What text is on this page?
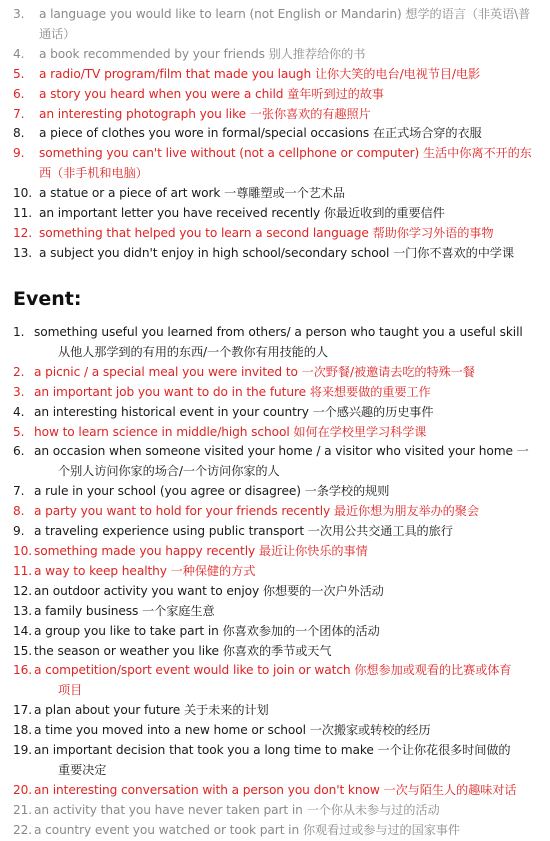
3.	a language you would like to learn (not English or Mandarin) 想学的语言（非英语\普通话）
4.	a book recommended by your friends 别人推荐给你的书
5.	a radio/TV program/film that made you laugh 让你大笑的电台/电视节目/电影
6.	a story you heard when you were a child 童年听到过的故事
7.	an interesting photograph you like 一张你喜欢的有趣照片
8.	a piece of clothes you wore in formal/special occasions 在正式场合穿的衣服
9.	something you can't live without (not a cellphone or computer) 生活中你离不开的东西（非手机和电脑）
10. a statue or a piece of art work 一尊雕塑或一个艺术品
11. an important letter you have received recently 你最近收到的重要信件
12. something that helped you to learn a second language 帮助你学习外语的事物
13. a subject you didn't enjoy in high school/secondary school 一门你不喜欢的中学课
Event:
1. something useful you learned from others/ a person who taught you a useful skill
从他人那学到的有用的东西/一个教你有用技能的人
2. a picnic / a special meal you were invited to 一次野餐/被邀请去吃的特殊一餐
3. an important job you want to do in the future 将来想要做的重要工作
4. an interesting historical event in your country 一个感兴趣的历史事件
5. how to learn science in middle/high school 如何在学校里学习科学课
6. an occasion when someone visited your home / a visitor who visited your home 一
个别人访问你家的场合/一个访问你家的人
7. a rule in your school (you agree or disagree) 一条学校的规则
8. a party you want to hold for your friends recently 最近你想为朋友举办的聚会
9. a traveling experience using public transport 一次用公共交通工具的旅行
10. something made you happy recently 最近让你快乐的事情
11. a way to keep healthy 一种保健的方式
12. an outdoor activity you want to enjoy 你想要的一次户外活动
13. a family business 一个家庭生意
14. a group you like to take part in 你喜欢参加的一个团体的活动
15. the season or weather you like 你喜欢的季节或天气
16. a competition/sport event would like to join or watch 你想参加或观看的比赛或体育
项目
17. a plan about your future 关于未来的计划
18. a time you moved into a new home or school 一次搬家或转校的经历
19. an important decision that took you a long time to make 一个让你花很多时间做的
重要决定
20. an interesting conversation with a person you don't know 一次与陌生人的趣味对话
21. an activity that you have never taken part in 一个你从未参与过的活动
22. a country event you watched or took part in 你观看过或参与过的国家事件
